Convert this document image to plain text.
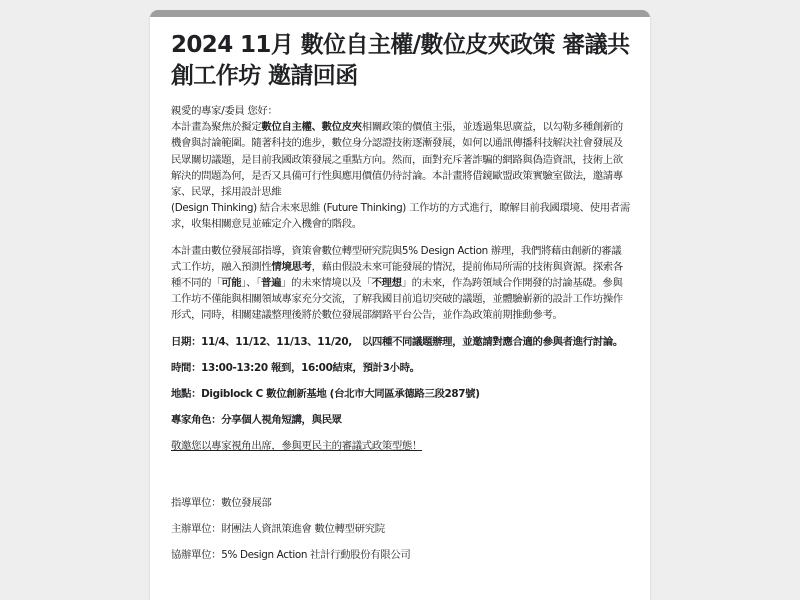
2024 11月 數位自主權/數位皮夾政策 審議共創工作坊 邀請回函
親愛的專家/委員 您好：
本計畫為聚焦於擬定數位自主權、數位皮夾相關政策的價值主張，並透過集思廣益，以勾勒多種創新的機會與討論範圍。隨著科技的進步，數位身分認證技術逐漸發展，如何以通訊傳播科技解決社會發展及民眾關切議題，是目前我國政策發展之重點方向。然而，面對充斥著詐騙的網路與偽造資訊，技術上欲解決的問題為何，是否又具備可行性與應用價值仍待討論。本計畫將借鏡歐盟政策實驗室做法，邀請專家、民眾，採用設計思維
(Design Thinking) 結合未來思維 (Future Thinking) 工作坊的方式進行，瞭解目前我國環境、使用者需求，收集相關意見並確定介入機會的階段。
本計畫由數位發展部指導，資策會數位轉型研究院與5% Design Action 辦理，我們將藉由創新的審議式工作坊，融入預測性情境思考，藉由假設未來可能發展的情況，提前佈局所需的技術與資源。探索各種不同的「可能」、「普遍」的未來情境以及「不理想」的未來，作為跨領域合作開發的討論基礎。參與工作坊不僅能與相關領域專家充分交流，了解我國目前追切突破的議題，並體驗嶄新的設計工作坊操作形式，同時，相關建議整理後將於數位發展部網路平台公告，並作為政策前期推動參考。
日期：11/4、11/12、11/13、11/20,　以四種不同議題辦理，並邀請對應合適的參與者進行討論。
時間：13:00-13:20 報到，16:00結束，預計3小時。
地點：Digiblock C 數位創新基地 (台北市大同區承德路三段287號)
專家角色：分享個人視角短講，與民眾
敬邀您以專家視角出席，參與更民主的審議式政策型態！
指導單位：數位發展部
主辦單位：財團法人資訊策進會 數位轉型研究院
協辦單位：5% Design Action 社計行動股份有限公司
